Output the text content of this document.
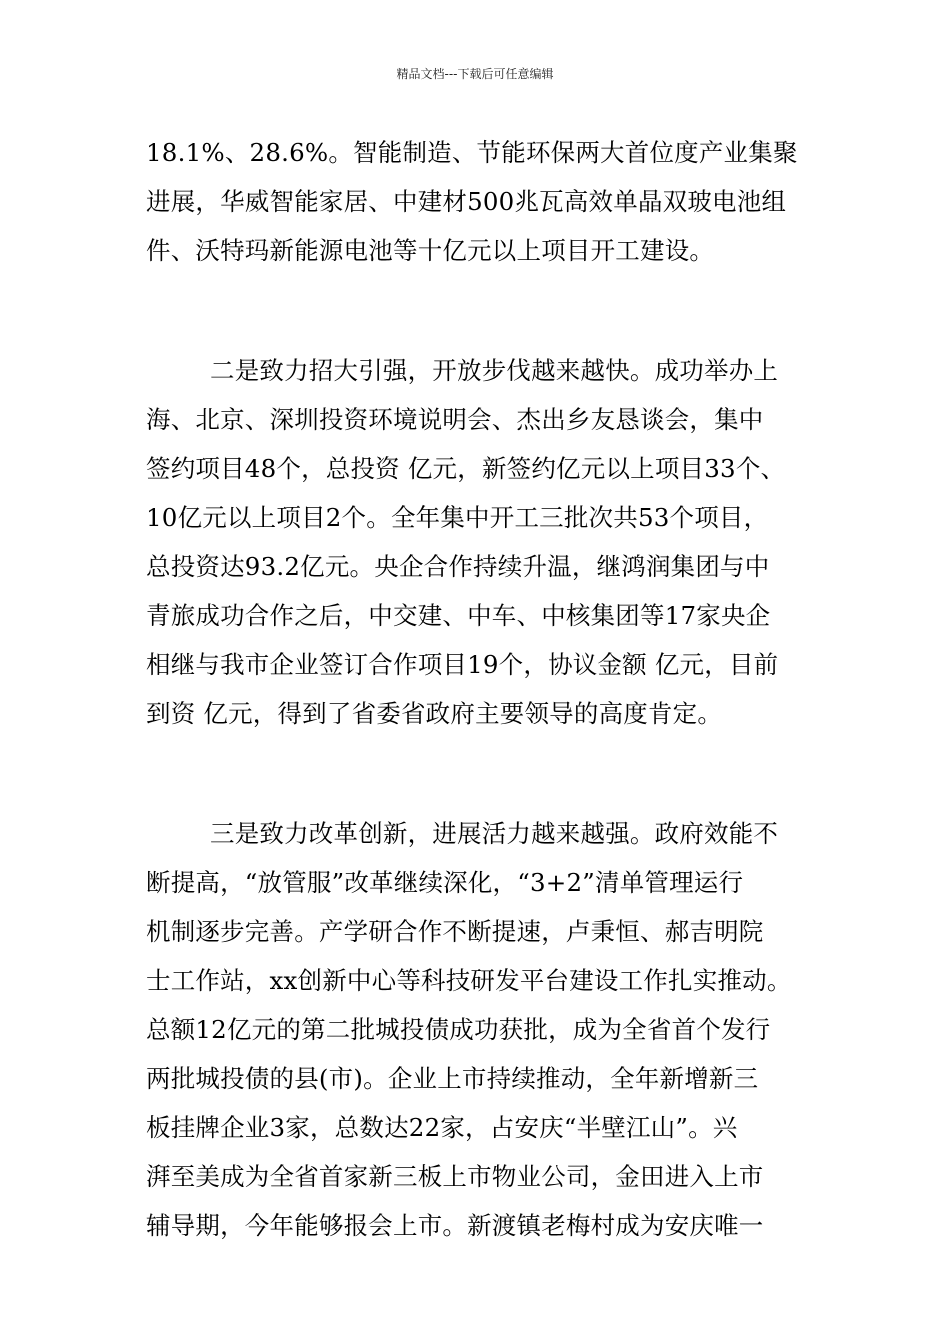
精品文档---下载后可任意编辑
18.1%、28.6%。智能制造、节能环保两大首位度产业集聚
进展，华威智能家居、中建材500兆瓦高效单晶双玻电池组
件、沃特玛新能源电池等十亿元以上项目开工建设。
二是致力招大引强，开放步伐越来越快。成功举办上
海、北京、深圳投资环境说明会、杰出乡友恳谈会，集中
签约项目48个，总投资 亿元，新签约亿元以上项目33个、
10亿元以上项目2个。全年集中开工三批次共53个项目，
总投资达93.2亿元。央企合作持续升温，继鸿润集团与中
青旅成功合作之后，中交建、中车、中核集团等17家央企
相继与我市企业签订合作项目19个，协议金额 亿元，目前
到资 亿元，得到了省委省政府主要领导的高度肯定。
三是致力改革创新，进展活力越来越强。政府效能不
断提高，“放管服”改革继续深化，“3+2”清单管理运行
机制逐步完善。产学研合作不断提速，卢秉恒、郝吉明院
士工作站，xx创新中心等科技研发平台建设工作扎实推动。
总额12亿元的第二批城投债成功获批，成为全省首个发行
两批城投债的县(市)。企业上市持续推动，全年新增新三
板挂牌企业3家，总数达22家，占安庆“半壁江山”。兴
湃至美成为全省首家新三板上市物业公司，金田进入上市
辅导期，今年能够报会上市。新渡镇老梅村成为安庆唯一
